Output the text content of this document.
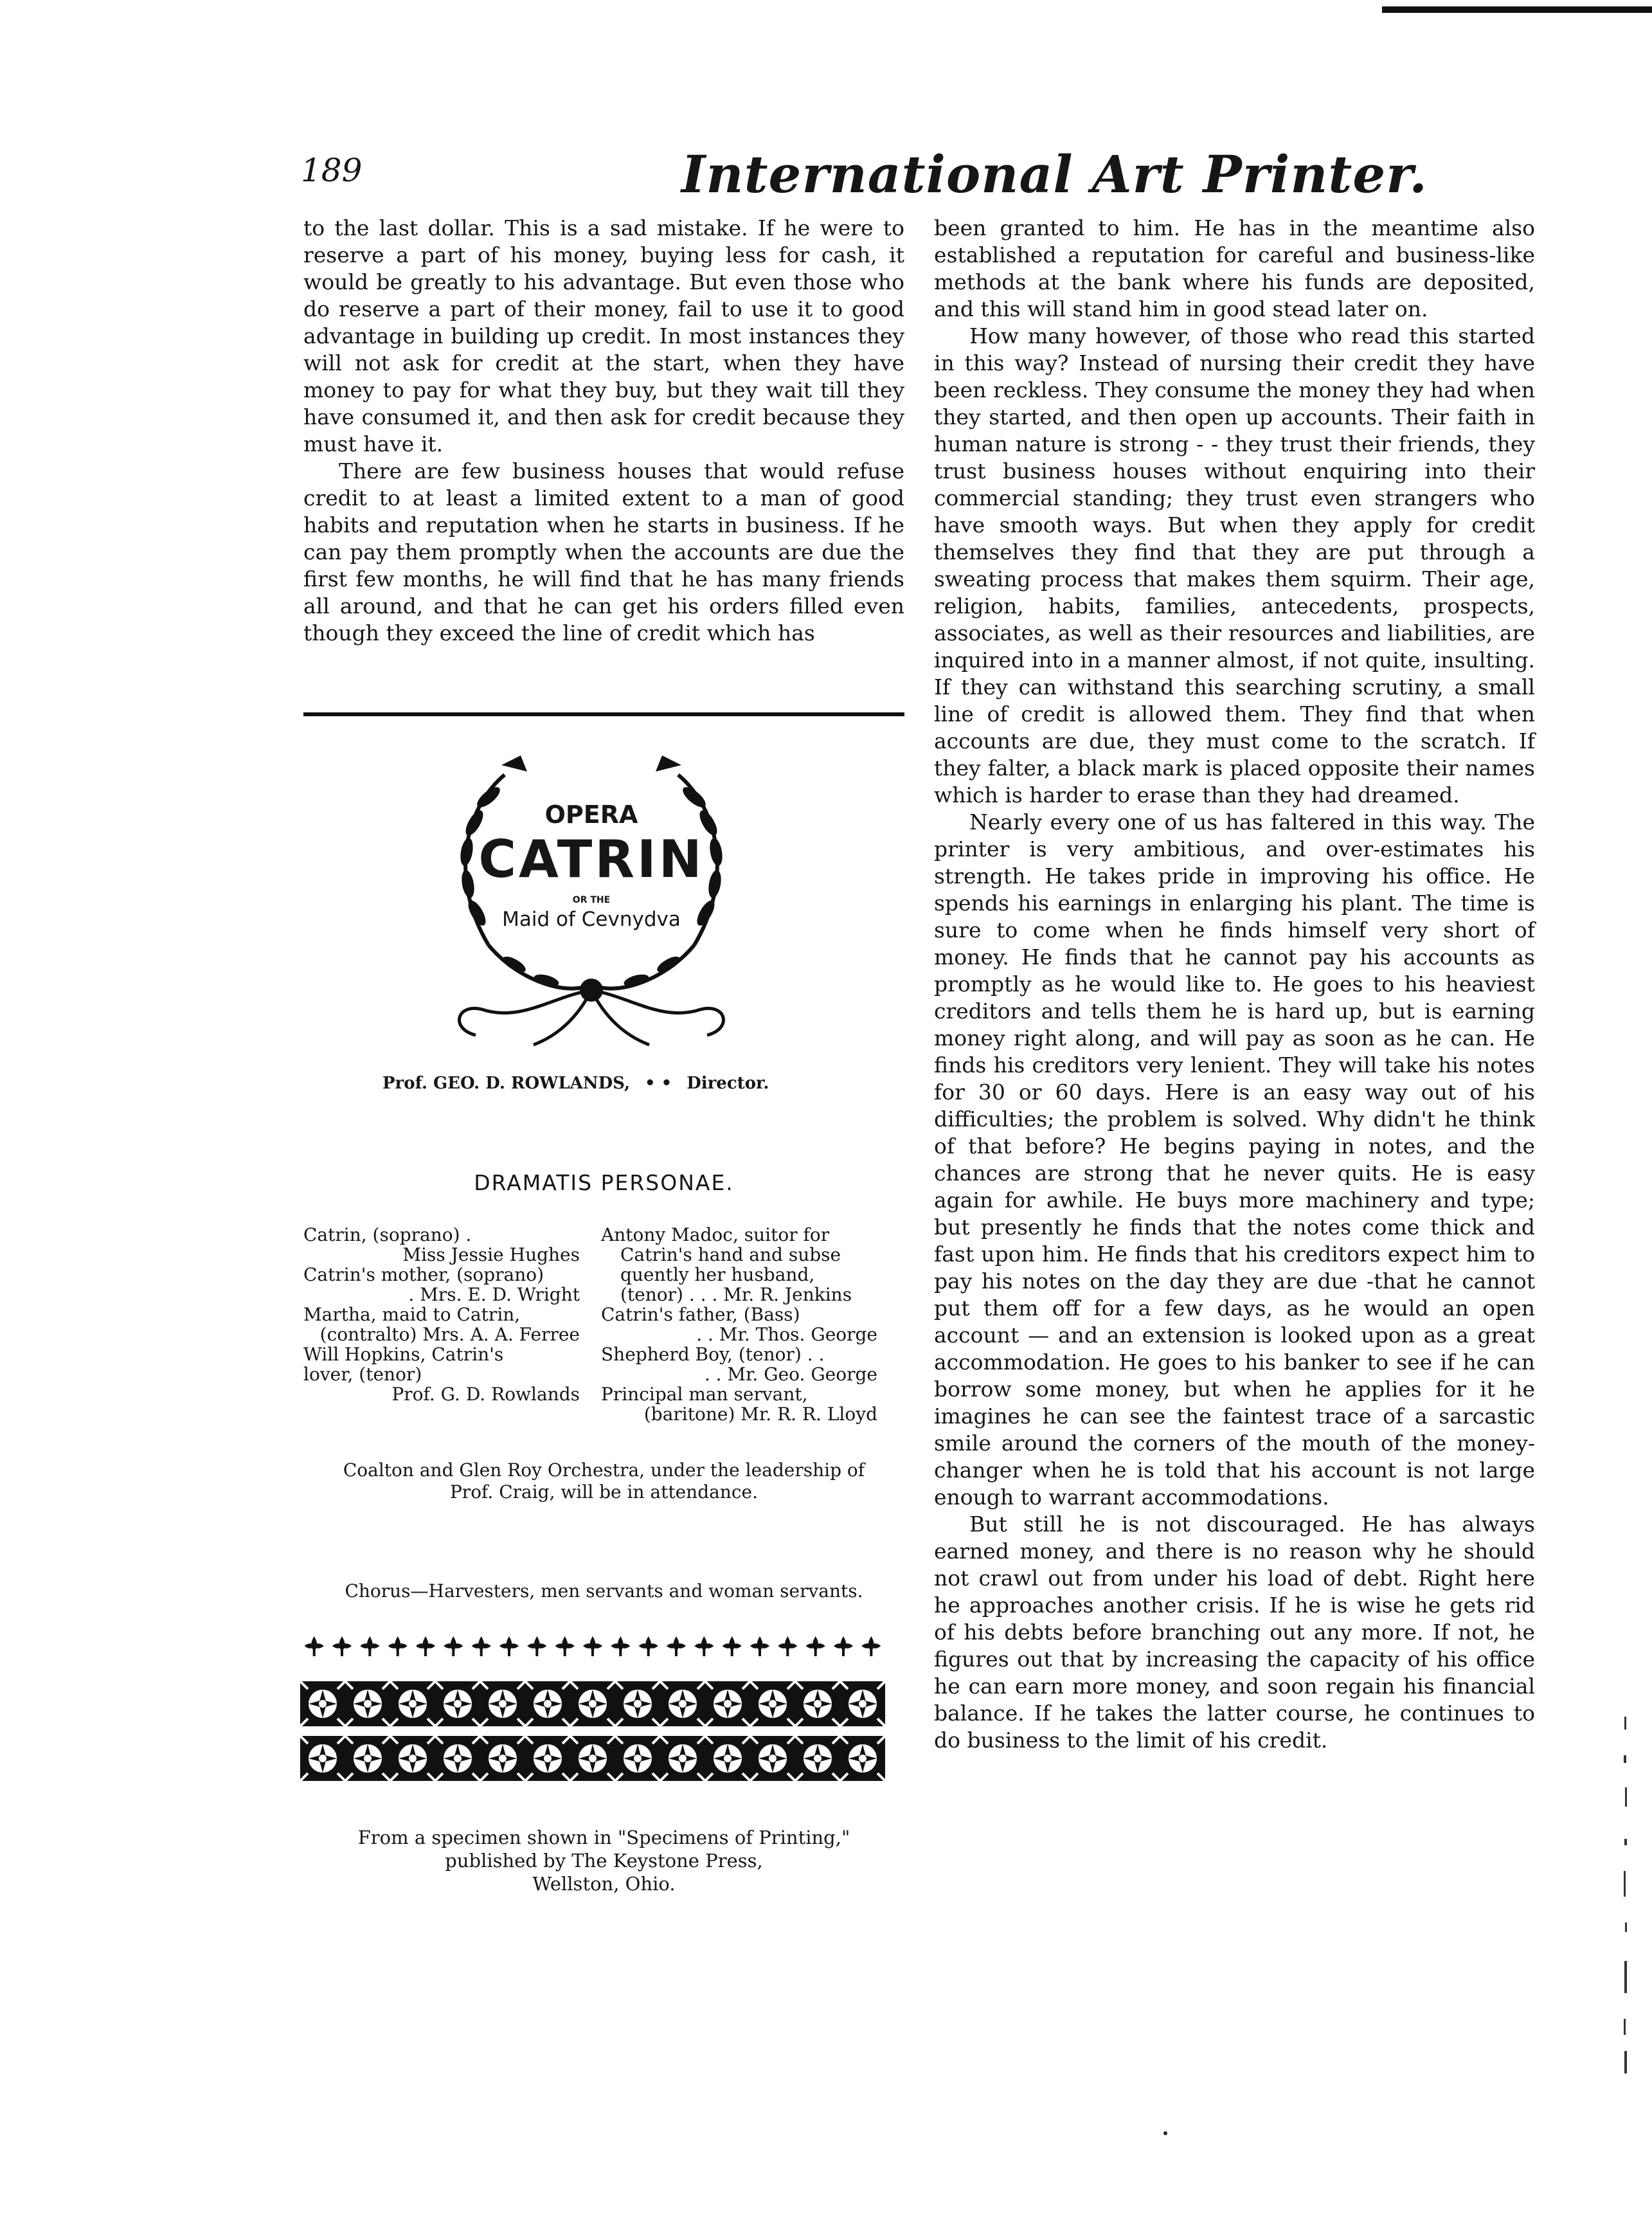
189	International Art Printer.

to the last dollar. This is a sad mistake. If he were to reserve a part of his money, buying less for cash, it would be greatly to his advantage. But even those who do reserve a part of their money, fail to use it to good advantage in building up credit. In most instances they will not ask for credit at the start, when they have money to pay for what they buy, but they wait till they have consumed it, and then ask for credit because they must have it.

There are few business houses that would refuse credit to at least a limited extent to a man of good habits and reputation when he starts in business. If he can pay them promptly when the accounts are due the first few months, he will find that he has many friends all around, and that he can get his orders filled even though they exceed the line of credit which has

OPERA
CATRIN
OR THE
Maid of Cevnydva
Prof. GEO. D. ROWLANDS, • • Director.
DRAMATIS PERSONAE.
Catrin, (soprano) .
Miss Jessie Hughes
Catrin's mother, (soprano)
. Mrs. E. D. Wright
Martha, maid to Catrin,
(contralto) Mrs. A. A. Ferree
Will Hopkins, Catrin's
lover, (tenor)
Prof. G. D. Rowlands
Antony Madoc, suitor for
Catrin's hand and subse
quently her husband,
(tenor) . . . Mr. R. Jenkins
Catrin's father, (Bass)
. . Mr. Thos. George
Shepherd Boy, (tenor) . .
. . Mr. Geo. George
Principal man servant,
(baritone) Mr. R. R. Lloyd
Coalton and Glen Roy Orchestra, under the leadership of
Prof. Craig, will be in attendance.
Chorus—Harvesters, men servants and woman servants.
From a specimen shown in "Specimens of Printing,"
published by The Keystone Press,
Wellston, Ohio.

been granted to him. He has in the meantime also established a reputation for careful and business-like methods at the bank where his funds are deposited, and this will stand him in good stead later on.

How many however, of those who read this started in this way? Instead of nursing their credit they have been reckless. They consume the money they had when they started, and then open up accounts. Their faith in human nature is strong - - they trust their friends, they trust business houses without enquiring into their commercial standing; they trust even strangers who have smooth ways. But when they apply for credit themselves they find that they are put through a sweating process that makes them squirm. Their age, religion, habits, families, antecedents, prospects, associates, as well as their resources and liabilities, are inquired into in a manner almost, if not quite, insulting. If they can withstand this searching scrutiny, a small line of credit is allowed them. They find that when accounts are due, they must come to the scratch. If they falter, a black mark is placed opposite their names which is harder to erase than they had dreamed.

Nearly every one of us has faltered in this way. The printer is very ambitious, and over-estimates his strength. He takes pride in improving his office. He spends his earnings in enlarging his plant. The time is sure to come when he finds himself very short of money. He finds that he cannot pay his accounts as promptly as he would like to. He goes to his heaviest creditors and tells them he is hard up, but is earning money right along, and will pay as soon as he can. He finds his creditors very lenient. They will take his notes for 30 or 60 days. Here is an easy way out of his difficulties; the problem is solved. Why didn't he think of that before? He begins paying in notes, and the chances are strong that he never quits. He is easy again for awhile. He buys more machinery and type; but presently he finds that the notes come thick and fast upon him. He finds that his creditors expect him to pay his notes on the day they are due -that he cannot put them off for a few days, as he would an open account — and an extension is looked upon as a great accommodation. He goes to his banker to see if he can borrow some money, but when he applies for it he imagines he can see the faintest trace of a sarcastic smile around the corners of the mouth of the money-changer when he is told that his account is not large enough to warrant accommodations.

But still he is not discouraged. He has always earned money, and there is no reason why he should not crawl out from under his load of debt. Right here he approaches another crisis. If he is wise he gets rid of his debts before branching out any more. If not, he figures out that by increasing the capacity of his office he can earn more money, and soon regain his financial balance. If he takes the latter course, he continues to do business to the limit of his credit.
